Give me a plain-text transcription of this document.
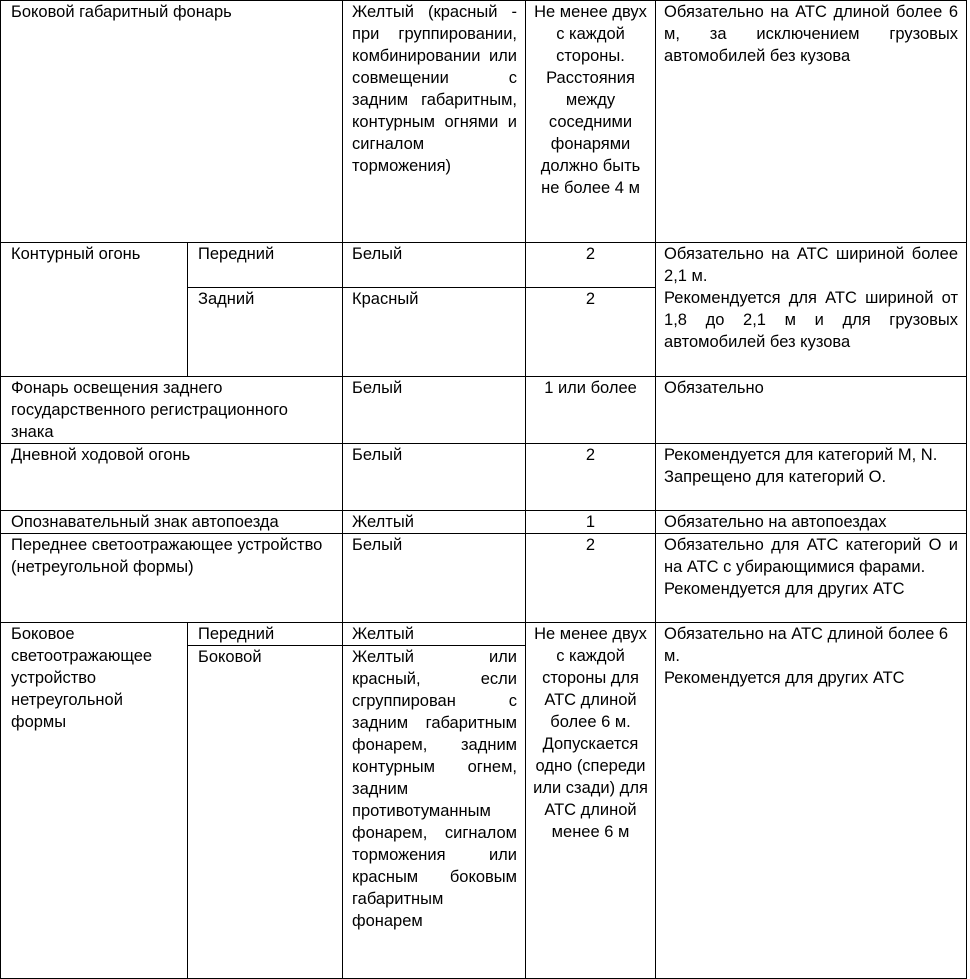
Боковой габаритный фонарь		Желтый (красный - при группировании, комбинировании или совмещении с задним габаритным, контурным огнями и сигналом торможения)	Не менее двух с каждой стороны. Расстояния между соседними фонарями должно быть не более 4 м	Обязательно на АТС длиной более 6 м, за исключением грузовых автомобилей без кузова

Контурный огонь	Передний	Белый	2	Обязательно на АТС шириной более 2,1 м.
Рекомендуется для АТС шириной от 1,8 до 2,1 м и для грузовых автомобилей без кузова

	Задний	Красный	2	
Фонарь освещения заднего государственного регистрационного знака		Белый	1 или более	Обязательно

Дневной ходовой огонь		Белый	2	Рекомендуется для категорий М, N.
Запрещено для категорий О.

Опознавательный знак автопоезда		Желтый	1	Обязательно на автопоездах

Переднее светоотражающее устройство (нетреугольной формы)		Белый	2	Обязательно для АТС категорий О и на АТС с убирающимися фарами.
Рекомендуется для других АТС

Боковое светоотражающее устройство нетреугольной формы	Передний	Желтый	Не менее двух с каждой стороны для АТС длиной более 6 м. Допускается одно (спереди или сзади) для АТС длиной менее 6 м	Обязательно на АТС длиной более 6 м.
Рекомендуется для других АТС

	Боковой	Желтый или красный, если сгруппирован с задним габаритным фонарем, задним контурным огнем, задним противотуманным фонарем, сигналом торможения или красным боковым габаритным фонарем		
